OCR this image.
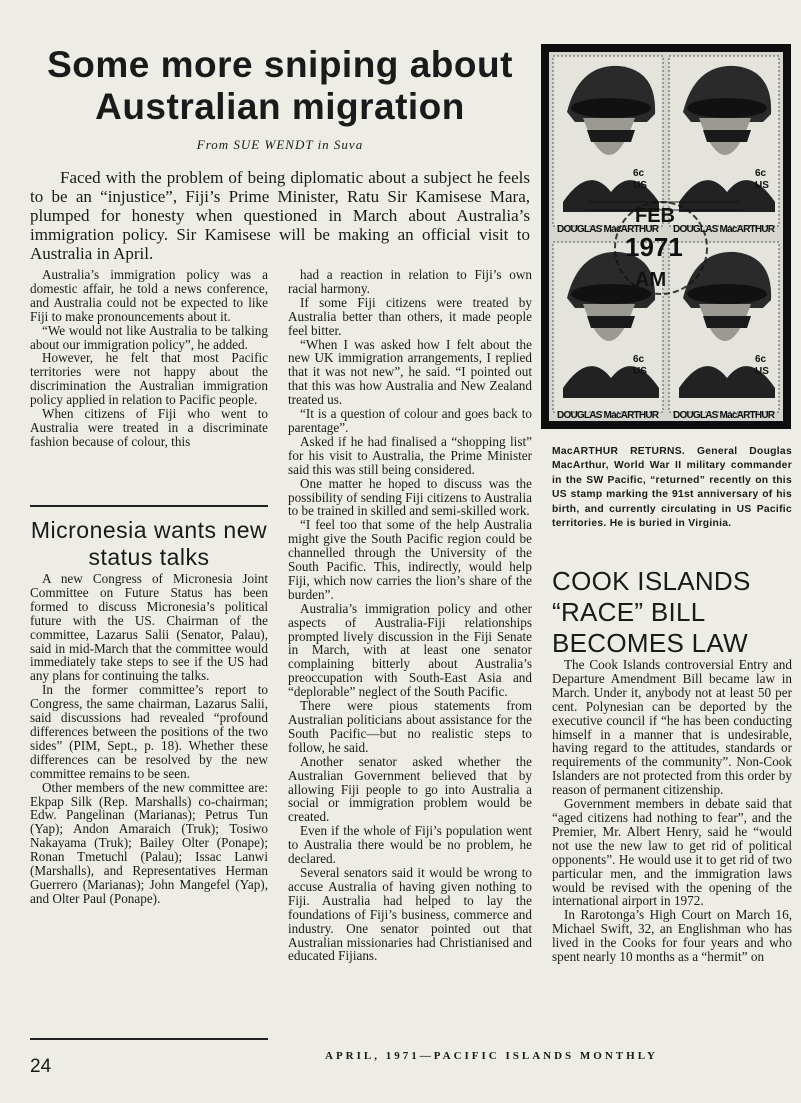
Some more sniping about Australian migration
From SUE WENDT in Suva

Faced with the problem of being diplomatic about a subject he feels to be an “injustice”, Fiji’s Prime Minister, Ratu Sir Kamisese Mara, plumped for honesty when questioned in March about Australia’s immigration policy. Sir Kamisese will be making an official visit to Australia in April.

Australia’s immigration policy was a domestic affair, he told a news conference, and Australia could not be expected to like Fiji to make pronouncements about it.

“We would not like Australia to be talking about our immigration policy”, he added.

However, he felt that most Pacific territories were not happy about the discrimination the Australian immigration policy applied in relation to Pacific people.

When citizens of Fiji who went to Australia were treated in a discriminate fashion because of colour, this

Micronesia wants new status talks

A new Congress of Micronesia Joint Committee on Future Status has been formed to discuss Micronesia’s political future with the US. Chairman of the committee, Lazarus Salii (Senator, Palau), said in mid-March that the committee would immediately take steps to see if the US had any plans for continuing the talks.

In the former committee’s report to Congress, the same chairman, Lazarus Salii, said discussions had revealed “profound differences between the positions of the two sides” (PIM, Sept., p. 18). Whether these differences can be resolved by the new committee remains to be seen.

Other members of the new committee are: Ekpap Silk (Rep. Marshalls) co-chairman; Edw. Pangelinan (Marianas); Petrus Tun (Yap); Andon Amaraich (Truk); Tosiwo Nakayama (Truk); Bailey Olter (Ponape); Ronan Tmetuchl (Palau); Issac Lanwi (Marshalls), and Representatives Herman Guerrero (Marianas); John Mangefel (Yap), and Olter Paul (Ponape).

had a reaction in relation to Fiji’s own racial harmony.

If some Fiji citizens were treated by Australia better than others, it made people feel bitter.

“When I was asked how I felt about the new UK immigration arrangements, I replied that it was not new”, he said. “I pointed out that this was how Australia and New Zealand treated us.

“It is a question of colour and goes back to parentage”.

Asked if he had finalised a “shopping list” for his visit to Australia, the Prime Minister said this was still being considered.

One matter he hoped to discuss was the possibility of sending Fiji citizens to Australia to be trained in skilled and semi-skilled work.

“I feel too that some of the help Australia might give the South Pacific region could be channelled through the University of the South Pacific. This, indirectly, would help Fiji, which now carries the lion’s share of the burden”.

Australia’s immigration policy and other aspects of Australia-Fiji relationships prompted lively discussion in the Fiji Senate in March, with at least one senator complaining bitterly about Australia’s preoccupation with South-East Asia and “deplorable” neglect of the South Pacific.

There were pious statements from Australian politicians about assistance for the South Pacific—but no realistic steps to follow, he said.

Another senator asked whether the Australian Government believed that by allowing Fiji people to go into Australia a social or immigration problem would be created.

Even if the whole of Fiji’s population went to Australia there would be no problem, he declared.

Several senators said it would be wrong to accuse Australia of having given nothing to Fiji. Australia had helped to lay the foundations of Fiji’s business, commerce and industry. One senator pointed out that Australian missionaries had Christianised and educated Fijians.

6c
US
6c
US
6c
US
6c
US
DOUGLAS MacARTHUR DOUGLAS MacARTHUR
DOUGLAS MacARTHUR DOUGLAS MacARTHUR
FEB
1971
AM

MacARTHUR RETURNS. General Douglas MacArthur, World War II military commander in the SW Pacific, “returned” recently on this US stamp marking the 91st anniversary of his birth, and currently circulating in US Pacific territories. He is buried in Virginia.

COOK ISLANDS
“RACE” BILL
BECOMES LAW

The Cook Islands controversial Entry and Departure Amendment Bill became law in March. Under it, anybody not at least 50 per cent. Polynesian can be deported by the executive council if “he has been conducting himself in a manner that is undesirable, having regard to the attitudes, standards or requirements of the community”. Non-Cook Islanders are not protected from this order by reason of permanent citizenship.

Government members in debate said that “aged citizens had nothing to fear”, and the Premier, Mr. Albert Henry, said he “would not use the new law to get rid of political opponents”. He would use it to get rid of two particular men, and the immigration laws would be revised with the opening of the international airport in 1972.

In Rarotonga’s High Court on March 16, Michael Swift, 32, an Englishman who has lived in the Cooks for four years and who spent nearly 10 months as a “hermit” on

24	APRIL, 1971—PACIFIC ISLANDS MONTHLY
